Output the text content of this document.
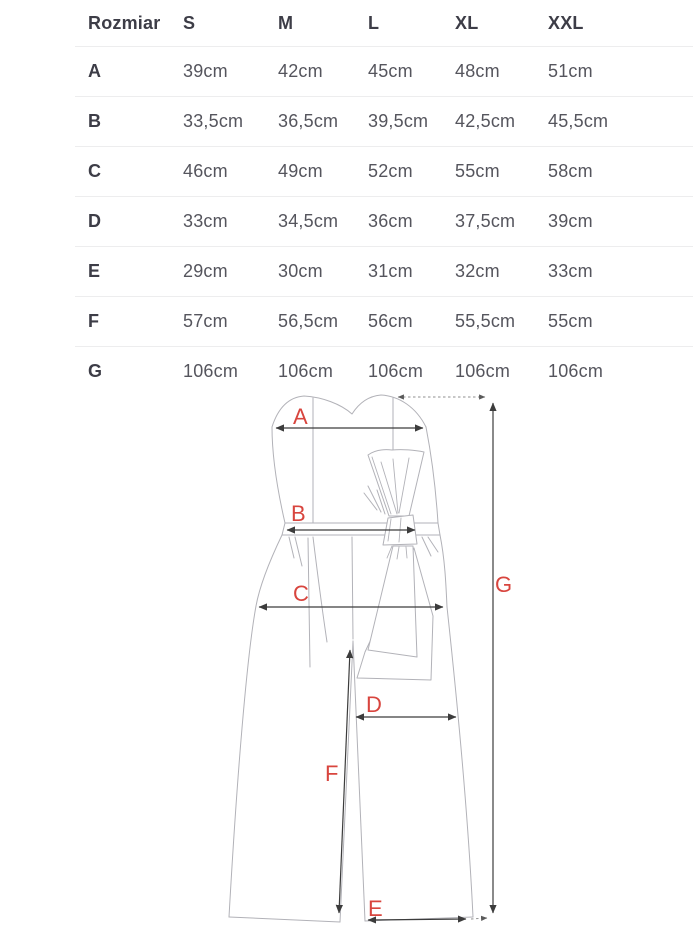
Rozmiar	S	M	L	XL	XXL
A	39cm	42cm	45cm	48cm	51cm
B	33,5cm	36,5cm	39,5cm	42,5cm	45,5cm
C	46cm	49cm	52cm	55cm	58cm
D	33cm	34,5cm	36cm	37,5cm	39cm
E	29cm	30cm	31cm	32cm	33cm
F	57cm	56,5cm	56cm	55,5cm	55cm
G	106cm	106cm	106cm	106cm	106cm
A
B
C
D
E
F
G
